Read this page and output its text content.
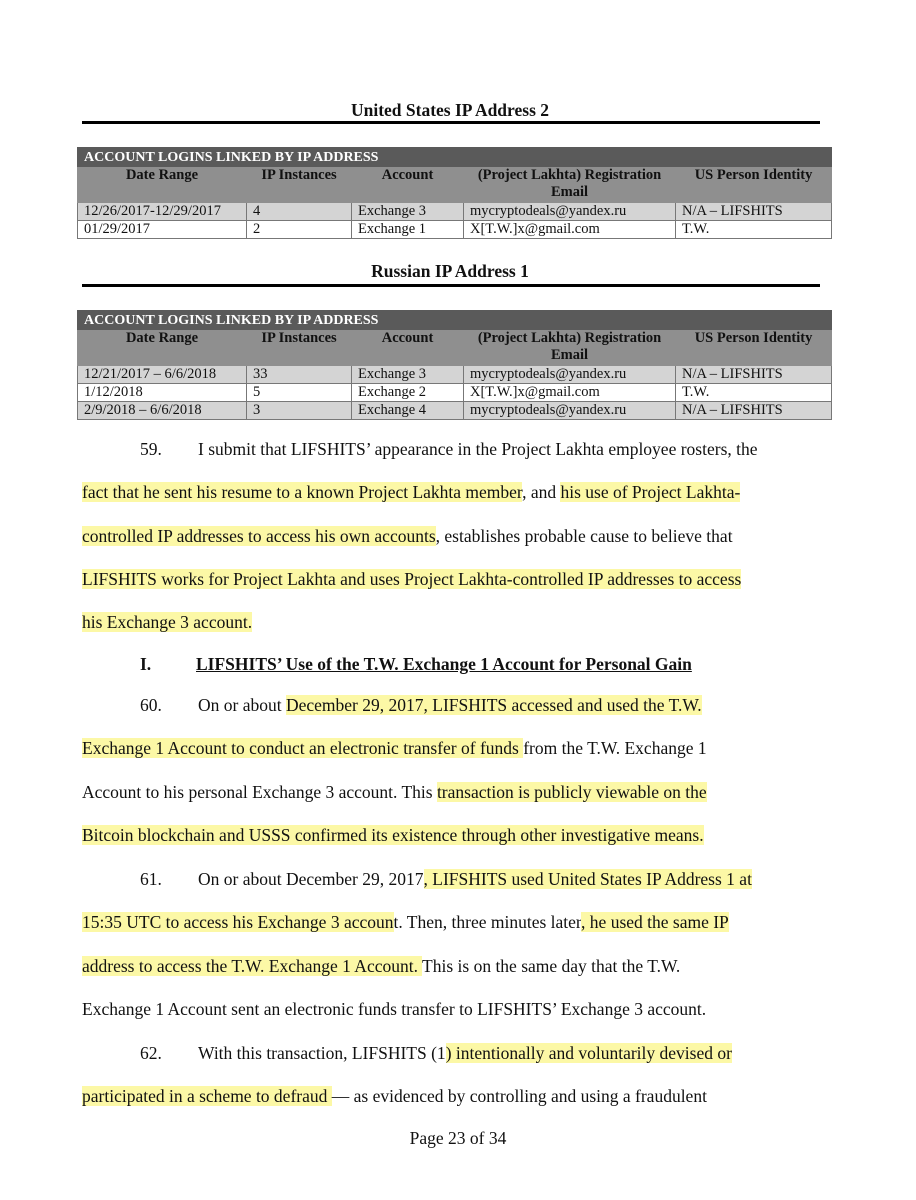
United States IP Address 2
ACCOUNT LOGINS LINKED BY IP ADDRESS				
Date Range	IP Instances	Account	(Project Lakhta) Registration Email	US Person Identity
12/26/2017-12/29/2017	4	Exchange 3	mycryptodeals@yandex.ru	N/A – LIFSHITS
01/29/2017	2	Exchange 1	X[T.W.]x@gmail.com	T.W.
Russian IP Address 1
ACCOUNT LOGINS LINKED BY IP ADDRESS				
Date Range	IP Instances	Account	(Project Lakhta) Registration Email	US Person Identity
12/21/2017 – 6/6/2018	33	Exchange 3	mycryptodeals@yandex.ru	N/A – LIFSHITS
1/12/2018	5	Exchange 2	X[T.W.]x@gmail.com	T.W.
2/9/2018 – 6/6/2018	3	Exchange 4	mycryptodeals@yandex.ru	N/A – LIFSHITS
59. I submit that LIFSHITS’ appearance in the Project Lakhta employee rosters, the
fact that he sent his resume to a known Project Lakhta member, and his use of Project Lakhta-
controlled IP addresses to access his own accounts, establishes probable cause to believe that
LIFSHITS works for Project Lakhta and uses Project Lakhta-controlled IP addresses to access
his Exchange 3 account.
I.	LIFSHITS’ Use of the T.W. Exchange 1 Account for Personal Gain
60. On or about December 29, 2017, LIFSHITS accessed and used the T.W.
Exchange 1 Account to conduct an electronic transfer of funds from the T.W. Exchange 1
Account to his personal Exchange 3 account. This transaction is publicly viewable on the
Bitcoin blockchain and USSS confirmed its existence through other investigative means.
61. On or about December 29, 2017, LIFSHITS used United States IP Address 1 at
15:35 UTC to access his Exchange 3 account. Then, three minutes later, he used the same IP
address to access the T.W. Exchange 1 Account. This is on the same day that the T.W.
Exchange 1 Account sent an electronic funds transfer to LIFSHITS’ Exchange 3 account.
62. With this transaction, LIFSHITS (1) intentionally and voluntarily devised or
participated in a scheme to defraud — as evidenced by controlling and using a fraudulent
Page 23 of 34
